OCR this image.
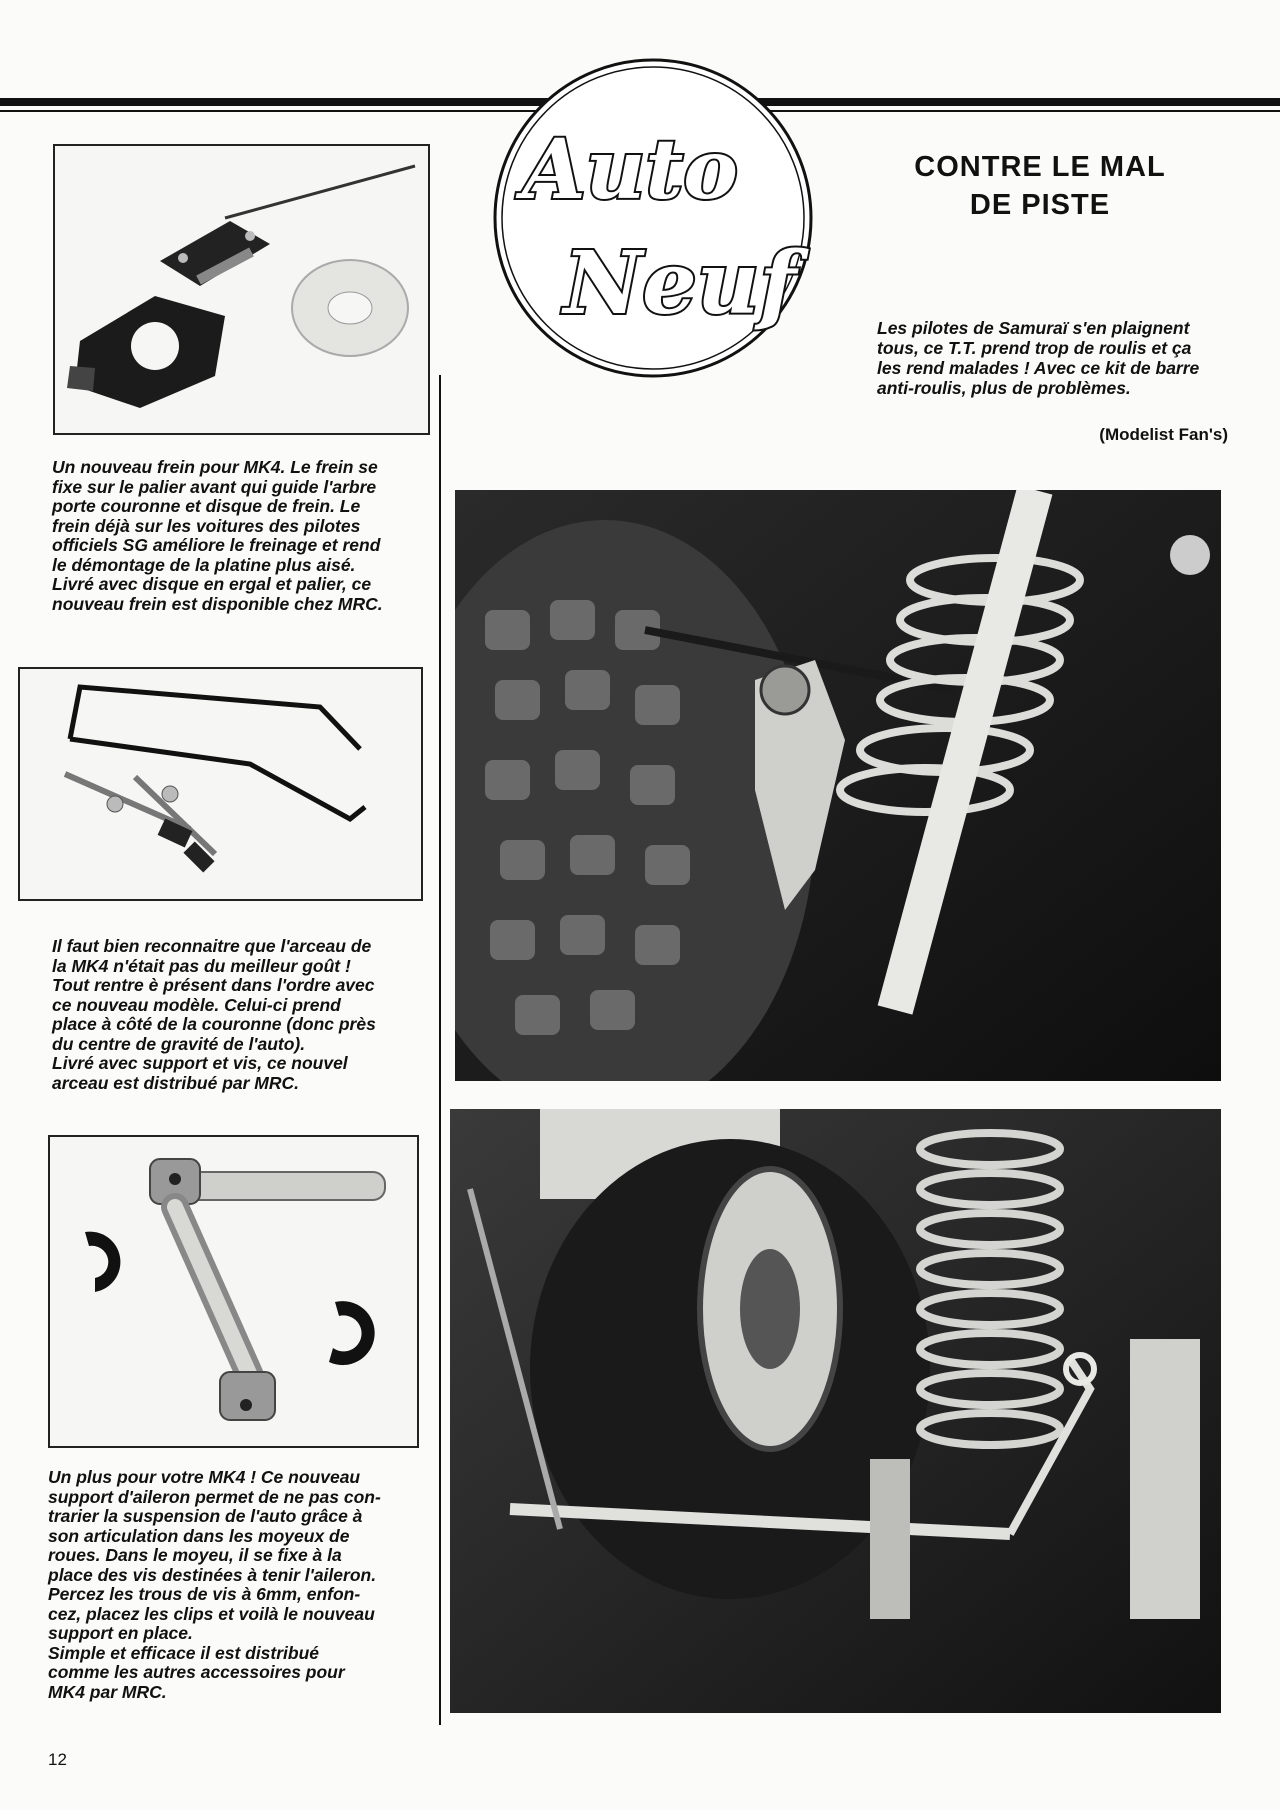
Auto
Neuf
CONTRE LE MAL
DE PISTE
Les pilotes de Samuraï s'en plaignent
tous, ce T.T. prend trop de roulis et ça
les rend malades ! Avec ce kit de barre
anti-roulis, plus de problèmes.
(Modelist Fan's)
Un nouveau frein pour MK4. Le frein se
fixe sur le palier avant qui guide l'arbre
porte couronne et disque de frein. Le
frein déjà sur les voitures des pilotes
officiels SG améliore le freinage et rend
le démontage de la platine plus aisé.
Livré avec disque en ergal et palier, ce
nouveau frein est disponible chez MRC.
Il faut bien reconnaitre que l'arceau de
la MK4 n'était pas du meilleur goût !
Tout rentre è présent dans l'ordre avec
ce nouveau modèle. Celui-ci prend
place à côté de la couronne (donc près
du centre de gravité de l'auto).
Livré avec support et vis, ce nouvel
arceau est distribué par MRC.
Un plus pour votre MK4 ! Ce nouveau
support d'aileron permet de ne pas con-
trarier la suspension de l'auto grâce à
son articulation dans les moyeux de
roues. Dans le moyeu, il se fixe à la
place des vis destinées à tenir l'aileron.
Percez les trous de vis à 6mm, enfon-
cez, placez les clips et voilà le nouveau
support en place.
Simple et efficace il est distribué
comme les autres accessoires pour
MK4 par MRC.
12
